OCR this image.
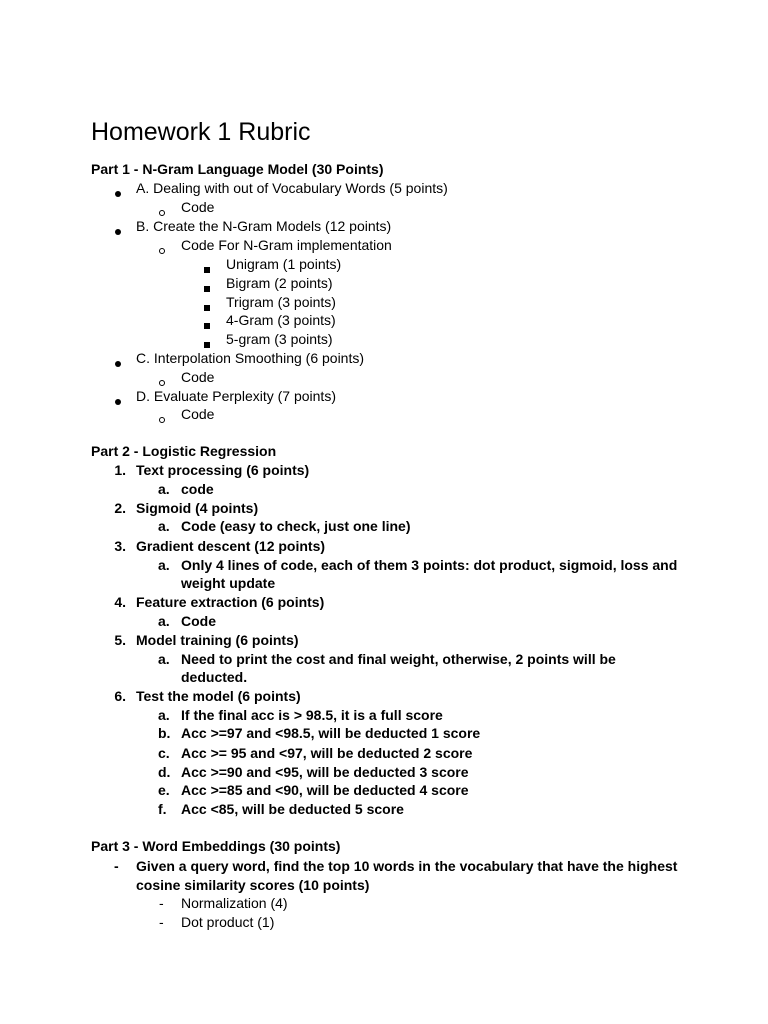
Homework 1 Rubric
Part 1 - N-Gram Language Model (30 Points)
A. Dealing with out of Vocabulary Words (5 points)
Code
B. Create the N-Gram Models (12 points)
Code For N-Gram implementation
Unigram (1 points)
Bigram (2 points)
Trigram (3 points)
4-Gram (3 points)
5-gram (3 points)
C. Interpolation Smoothing (6 points)
Code
D. Evaluate Perplexity (7 points)
Code
Part 2 - Logistic Regression
1. Text processing (6 points)
a. code
2. Sigmoid (4 points)
a. Code (easy to check, just one line)
3. Gradient descent (12 points)
a. Only 4 lines of code, each of them 3 points: dot product, sigmoid, loss and
weight update
4. Feature extraction (6 points)
a. Code
5. Model training (6 points)
a. Need to print the cost and final weight, otherwise, 2 points will be
deducted.
6. Test the model (6 points)
a. If the final acc is > 98.5, it is a full score
b. Acc >=97 and <98.5, will be deducted 1 score
c. Acc >= 95 and <97, will be deducted 2 score
d. Acc >=90 and <95, will be deducted 3 score
e. Acc >=85 and <90, will be deducted 4 score
f. Acc <85, will be deducted 5 score
Part 3 - Word Embeddings (30 points)
- Given a query word, find the top 10 words in the vocabulary that have the highest
cosine similarity scores (10 points)
- Normalization (4)
- Dot product (1)
